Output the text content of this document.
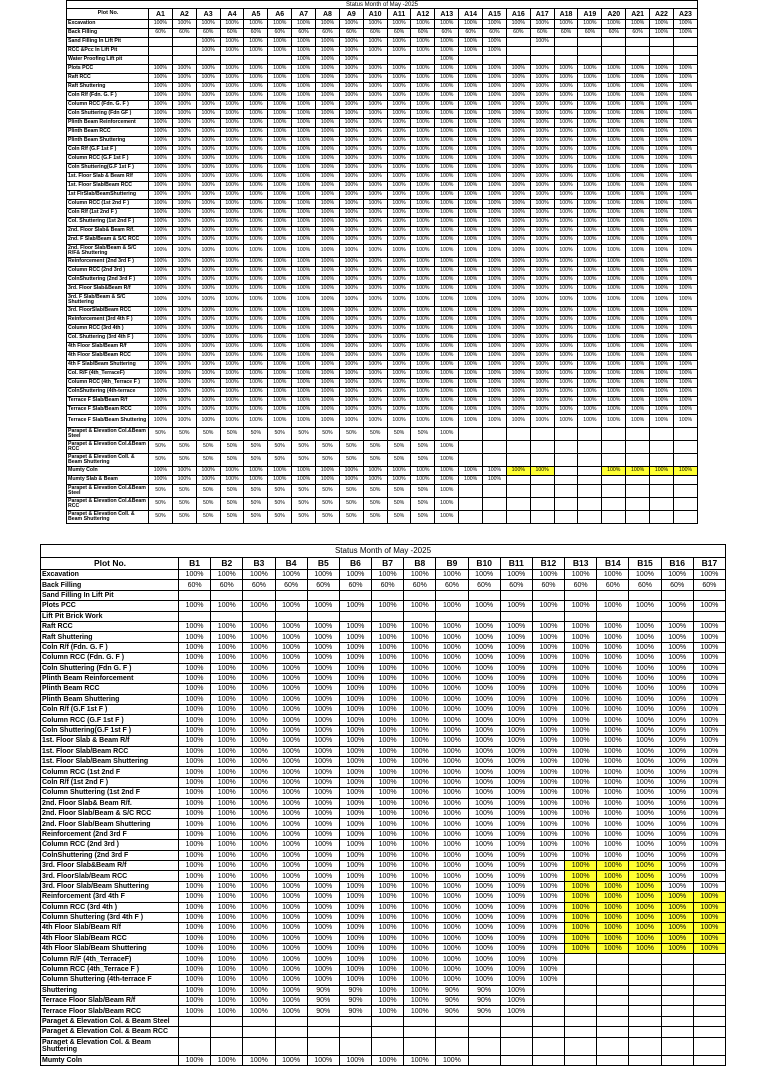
Status Month of May -2025																							
Plot No.	A1	A2	A3	A4	A5	A6	A7	A8	A9	A10	A11	A12	A13	A14	A15	A16	A17	A18	A19	A20	A21	A22	A23
Excavation	100%	100%	100%	100%	100%	100%	100%	100%	100%	100%	100%	100%	100%	100%	100%	100%	100%	100%	100%	100%	100%	100%	100%
Back Filling	60%	60%	60%	60%	60%	60%	60%	60%	60%	60%	60%	60%	60%	60%	60%	60%	60%	60%	60%	60%	60%	100%	100%
Sand Filling In Lift Pit			100%	100%	100%	100%	100%	100%	100%	100%	100%	100%	100%	100%	100%		100%						
RCC &Pcc In Lift Pit			100%	100%	100%	100%	100%	100%	100%	100%	100%	100%	100%	100%	100%								
Water Proofing Lift pit							100%	100%	100%				100%										
Plots PCC	100%	100%	100%	100%	100%	100%	100%	100%	100%	100%	100%	100%	100%	100%	100%	100%	100%	100%	100%	100%	100%	100%	100%
Raft RCC	100%	100%	100%	100%	100%	100%	100%	100%	100%	100%	100%	100%	100%	100%	100%	100%	100%	100%	100%	100%	100%	100%	100%
Raft Shuttering	100%	100%	100%	100%	100%	100%	100%	100%	100%	100%	100%	100%	100%	100%	100%	100%	100%	100%	100%	100%	100%	100%	100%
Coln R/f (Fdn. G. F )	100%	100%	100%	100%	100%	100%	100%	100%	100%	100%	100%	100%	100%	100%	100%	100%	100%	100%	100%	100%	100%	100%	100%
Column RCC (Fdn. G. F )	100%	100%	100%	100%	100%	100%	100%	100%	100%	100%	100%	100%	100%	100%	100%	100%	100%	100%	100%	100%	100%	100%	100%
Coln Shuttering (Fdn GF )	100%	100%	100%	100%	100%	100%	100%	100%	100%	100%	100%	100%	100%	100%	100%	100%	100%	100%	100%	100%	100%	100%	100%
Plinth Beam Reinforcement	100%	100%	100%	100%	100%	100%	100%	100%	100%	100%	100%	100%	100%	100%	100%	100%	100%	100%	100%	100%	100%	100%	100%
Plinth Beam RCC	100%	100%	100%	100%	100%	100%	100%	100%	100%	100%	100%	100%	100%	100%	100%	100%	100%	100%	100%	100%	100%	100%	100%
Plinth Beam Shuttering	100%	100%	100%	100%	100%	100%	100%	100%	100%	100%	100%	100%	100%	100%	100%	100%	100%	100%	100%	100%	100%	100%	100%
Coln R/f (G.F 1st F )	100%	100%	100%	100%	100%	100%	100%	100%	100%	100%	100%	100%	100%	100%	100%	100%	100%	100%	100%	100%	100%	100%	100%
Column RCC (G.F 1st F )	100%	100%	100%	100%	100%	100%	100%	100%	100%	100%	100%	100%	100%	100%	100%	100%	100%	100%	100%	100%	100%	100%	100%
Coln Shuttering(G.F 1st F )	100%	100%	100%	100%	100%	100%	100%	100%	100%	100%	100%	100%	100%	100%	100%	100%	100%	100%	100%	100%	100%	100%	100%
1st. Floor Slab & Beam R/f	100%	100%	100%	100%	100%	100%	100%	100%	100%	100%	100%	100%	100%	100%	100%	100%	100%	100%	100%	100%	100%	100%	100%
1st. Floor Slab/Beam RCC	100%	100%	100%	100%	100%	100%	100%	100%	100%	100%	100%	100%	100%	100%	100%	100%	100%	100%	100%	100%	100%	100%	100%
1st FlrSlab/BeamShuttering	100%	100%	100%	100%	100%	100%	100%	100%	100%	100%	100%	100%	100%	100%	100%	100%	100%	100%	100%	100%	100%	100%	100%
Column RCC (1st 2nd F )	100%	100%	100%	100%	100%	100%	100%	100%	100%	100%	100%	100%	100%	100%	100%	100%	100%	100%	100%	100%	100%	100%	100%
Coln R/f (1st 2nd F )	100%	100%	100%	100%	100%	100%	100%	100%	100%	100%	100%	100%	100%	100%	100%	100%	100%	100%	100%	100%	100%	100%	100%
Col. Shuttering (1st 2nd F )	100%	100%	100%	100%	100%	100%	100%	100%	100%	100%	100%	100%	100%	100%	100%	100%	100%	100%	100%	100%	100%	100%	100%
2nd. Floor Slab& Beam R/f.	100%	100%	100%	100%	100%	100%	100%	100%	100%	100%	100%	100%	100%	100%	100%	100%	100%	100%	100%	100%	100%	100%	100%
2nd. F Slab/Beam & S/C RCC	100%	100%	100%	100%	100%	100%	100%	100%	100%	100%	100%	100%	100%	100%	100%	100%	100%	100%	100%	100%	100%	100%	100%
2nd. Floor Slab/Beam & S/C R/F& Shuttering	100%	100%	100%	100%	100%	100%	100%	100%	100%	100%	100%	100%	100%	100%	100%	100%	100%	100%	100%	100%	100%	100%	100%
Reinforcement (2nd 3rd F )	100%	100%	100%	100%	100%	100%	100%	100%	100%	100%	100%	100%	100%	100%	100%	100%	100%	100%	100%	100%	100%	100%	100%
Column RCC (2nd 3rd )	100%	100%	100%	100%	100%	100%	100%	100%	100%	100%	100%	100%	100%	100%	100%	100%	100%	100%	100%	100%	100%	100%	100%
ColnShuttering (2nd 3rd F )	100%	100%	100%	100%	100%	100%	100%	100%	100%	100%	100%	100%	100%	100%	100%	100%	100%	100%	100%	100%	100%	100%	100%
3rd. Floor Slab&Beam R/f	100%	100%	100%	100%	100%	100%	100%	100%	100%	100%	100%	100%	100%	100%	100%	100%	100%	100%	100%	100%	100%	100%	100%
3rd. F Slab/Beam & S/C Shuttering	100%	100%	100%	100%	100%	100%	100%	100%	100%	100%	100%	100%	100%	100%	100%	100%	100%	100%	100%	100%	100%	100%	100%
3rd. FloorSlab/Beam RCC	100%	100%	100%	100%	100%	100%	100%	100%	100%	100%	100%	100%	100%	100%	100%	100%	100%	100%	100%	100%	100%	100%	100%
Reinforcement (3rd 4th F )	100%	100%	100%	100%	100%	100%	100%	100%	100%	100%	100%	100%	100%	100%	100%	100%	100%	100%	100%	100%	100%	100%	100%
Column RCC (3rd 4th )	100%	100%	100%	100%	100%	100%	100%	100%	100%	100%	100%	100%	100%	100%	100%	100%	100%	100%	100%	100%	100%	100%	100%
Col. Shuttering (3rd 4th F )	100%	100%	100%	100%	100%	100%	100%	100%	100%	100%	100%	100%	100%	100%	100%	100%	100%	100%	100%	100%	100%	100%	100%
4th Floor Slab/Beam R/f	100%	100%	100%	100%	100%	100%	100%	100%	100%	100%	100%	100%	100%	100%	100%	100%	100%	100%	100%	100%	100%	100%	100%
4th Floor Slab/Beam RCC	100%	100%	100%	100%	100%	100%	100%	100%	100%	100%	100%	100%	100%	100%	100%	100%	100%	100%	100%	100%	100%	100%	100%
4th F Slab/Beam Shuttering	100%	100%	100%	100%	100%	100%	100%	100%	100%	100%	100%	100%	100%	100%	100%	100%	100%	100%	100%	100%	100%	100%	100%
Col. R/F (4th_TerraceF)	100%	100%	100%	100%	100%	100%	100%	100%	100%	100%	100%	100%	100%	100%	100%	100%	100%	100%	100%	100%	100%	100%	100%
Column RCC (4th_Terrace F )	100%	100%	100%	100%	100%	100%	100%	100%	100%	100%	100%	100%	100%	100%	100%	100%	100%	100%	100%	100%	100%	100%	100%
ColnShuttering (4th-terrace	100%	100%	100%	100%	100%	100%	100%	100%	100%	100%	100%	100%	100%	100%	100%	100%	100%	100%	100%	100%	100%	100%	100%
Terrace F Slab/Beam R/f	100%	100%	100%	100%	100%	100%	100%	100%	100%	100%	100%	100%	100%	100%	100%	100%	100%	100%	100%	100%	100%	100%	100%
Terrace F Slab/Beam RCC	100%	100%	100%	100%	100%	100%	100%	100%	100%	100%	100%	100%	100%	100%	100%	100%	100%	100%	100%	100%	100%	100%	100%
Terrace F Slab/Beam Shuttering	100%	100%	100%	100%	100%	100%	100%	100%	100%	100%	100%	100%	100%	100%	100%	100%	100%	100%	100%	100%	100%	100%	100%
Parapet & Elevation Col.&Beam Steel	50%	50%	50%	50%	50%	50%	50%	50%	50%	50%	50%	50%	100%										
Parapet & Elevation Col.&Beam RCC	50%	50%	50%	50%	50%	50%	50%	50%	50%	50%	50%	50%	100%										
Parapet & Elevation Coll. & Beam Shuttering	50%	50%	50%	50%	50%	50%	50%	50%	50%	50%	50%	50%	100%										
Mumty Coln	100%	100%	100%	100%	100%	100%	100%	100%	100%	100%	100%	100%	100%	100%	100%	100%	100%			100%	100%	100%	100%
Mumty Slab & Beam	100%	100%	100%	100%	100%	100%	100%	100%	100%	100%	100%	100%	100%	100%	100%								
Parapet & Elevation Col.&Beam Steel	50%	50%	50%	50%	50%	50%	50%	50%	50%	50%	50%	50%	100%										
Parapet & Elevation Col.&Beam RCC	50%	50%	50%	50%	50%	50%	50%	50%	50%	50%	50%	50%	100%										
Parapet & Elevation Coll. & Beam Shuttering	50%	50%	50%	50%	50%	50%	50%	50%	50%	50%	50%	50%	100%										
Status Month of May -2025																	
Plot No.	B1	B2	B3	B4	B5	B6	B7	B8	B9	B10	B11	B12	B13	B14	B15	B16	B17
Excavation	100%	100%	100%	100%	100%	100%	100%	100%	100%	100%	100%	100%	100%	100%	100%	100%	100%
Back Filling	60%	60%	60%	60%	60%	60%	60%	60%	60%	60%	60%	60%	60%	60%	60%	60%	60%
Sand Filling In Lift Pit																	
Plots PCC	100%	100%	100%	100%	100%	100%	100%	100%	100%	100%	100%	100%	100%	100%	100%	100%	100%
Lift Pit Brick Work																	
Raft RCC	100%	100%	100%	100%	100%	100%	100%	100%	100%	100%	100%	100%	100%	100%	100%	100%	100%
Raft Shuttering	100%	100%	100%	100%	100%	100%	100%	100%	100%	100%	100%	100%	100%	100%	100%	100%	100%
Coln R/f (Fdn. G. F )	100%	100%	100%	100%	100%	100%	100%	100%	100%	100%	100%	100%	100%	100%	100%	100%	100%
Column RCC (Fdn. G. F )	100%	100%	100%	100%	100%	100%	100%	100%	100%	100%	100%	100%	100%	100%	100%	100%	100%
Coln Shuttering (Fdn G. F )	100%	100%	100%	100%	100%	100%	100%	100%	100%	100%	100%	100%	100%	100%	100%	100%	100%
Plinth Beam Reinforcement	100%	100%	100%	100%	100%	100%	100%	100%	100%	100%	100%	100%	100%	100%	100%	100%	100%
Plinth Beam RCC	100%	100%	100%	100%	100%	100%	100%	100%	100%	100%	100%	100%	100%	100%	100%	100%	100%
Plinth Beam Shuttering	100%	100%	100%	100%	100%	100%	100%	100%	100%	100%	100%	100%	100%	100%	100%	100%	100%
Coln R/f (G.F 1st F )	100%	100%	100%	100%	100%	100%	100%	100%	100%	100%	100%	100%	100%	100%	100%	100%	100%
Column RCC (G.F 1st F )	100%	100%	100%	100%	100%	100%	100%	100%	100%	100%	100%	100%	100%	100%	100%	100%	100%
Coln Shuttering(G.F 1st F )	100%	100%	100%	100%	100%	100%	100%	100%	100%	100%	100%	100%	100%	100%	100%	100%	100%
1st. Floor Slab & Beam R/f	100%	100%	100%	100%	100%	100%	100%	100%	100%	100%	100%	100%	100%	100%	100%	100%	100%
1st. Floor Slab/Beam RCC	100%	100%	100%	100%	100%	100%	100%	100%	100%	100%	100%	100%	100%	100%	100%	100%	100%
1st. Floor Slab/Beam Shuttering	100%	100%	100%	100%	100%	100%	100%	100%	100%	100%	100%	100%	100%	100%	100%	100%	100%
Column RCC (1st 2nd F	100%	100%	100%	100%	100%	100%	100%	100%	100%	100%	100%	100%	100%	100%	100%	100%	100%
Coln R/f (1st 2nd F )	100%	100%	100%	100%	100%	100%	100%	100%	100%	100%	100%	100%	100%	100%	100%	100%	100%
Column Shuttering (1st 2nd F	100%	100%	100%	100%	100%	100%	100%	100%	100%	100%	100%	100%	100%	100%	100%	100%	100%
2nd. Floor Slab& Beam R/f.	100%	100%	100%	100%	100%	100%	100%	100%	100%	100%	100%	100%	100%	100%	100%	100%	100%
2nd. Floor Slab/Beam & S/C RCC	100%	100%	100%	100%	100%	100%	100%	100%	100%	100%	100%	100%	100%	100%	100%	100%	100%
2nd. Floor Slab/Beam Shuttering	100%	100%	100%	100%	100%	100%	100%	100%	100%	100%	100%	100%	100%	100%	100%	100%	100%
Reinforcement (2nd 3rd F	100%	100%	100%	100%	100%	100%	100%	100%	100%	100%	100%	100%	100%	100%	100%	100%	100%
Column RCC (2nd 3rd )	100%	100%	100%	100%	100%	100%	100%	100%	100%	100%	100%	100%	100%	100%	100%	100%	100%
ColnShuttering (2nd 3rd F	100%	100%	100%	100%	100%	100%	100%	100%	100%	100%	100%	100%	100%	100%	100%	100%	100%
3rd. Floor Slab&Beam R/f	100%	100%	100%	100%	100%	100%	100%	100%	100%	100%	100%	100%	100%	100%	100%	100%	100%
3rd. FloorSlab/Beam RCC	100%	100%	100%	100%	100%	100%	100%	100%	100%	100%	100%	100%	100%	100%	100%	100%	100%
3rd. Floor Slab/Beam Shuttering	100%	100%	100%	100%	100%	100%	100%	100%	100%	100%	100%	100%	100%	100%	100%	100%	100%
Reinforcement (3rd 4th F	100%	100%	100%	100%	100%	100%	100%	100%	100%	100%	100%	100%	100%	100%	100%	100%	100%
Column RCC (3rd 4th )	100%	100%	100%	100%	100%	100%	100%	100%	100%	100%	100%	100%	100%	100%	100%	100%	100%
Column Shuttering (3rd 4th F )	100%	100%	100%	100%	100%	100%	100%	100%	100%	100%	100%	100%	100%	100%	100%	100%	100%
4th Floor Slab/Beam R/f	100%	100%	100%	100%	100%	100%	100%	100%	100%	100%	100%	100%	100%	100%	100%	100%	100%
4th Floor Slab/Beam RCC	100%	100%	100%	100%	100%	100%	100%	100%	100%	100%	100%	100%	100%	100%	100%	100%	100%
4th Floor Slab/Beam Shuttering	100%	100%	100%	100%	100%	100%	100%	100%	100%	100%	100%	100%	100%	100%	100%	100%	100%
Column R/F (4th_TerraceF)	100%	100%	100%	100%	100%	100%	100%	100%	100%	100%	100%	100%					
Column RCC (4th_Terrace F )	100%	100%	100%	100%	100%	100%	100%	100%	100%	100%	100%	100%					
Column Shuttering (4th-terrace F	100%	100%	100%	100%	100%	100%	100%	100%	100%	100%	100%	100%					
Shuttering	100%	100%	100%	100%	90%	90%	100%	100%	90%	90%	100%						
Terrace Floor Slab/Beam R/f	100%	100%	100%	100%	90%	90%	100%	100%	90%	90%	100%						
Terrace Floor Slab/Beam RCC	100%	100%	100%	100%	90%	90%	100%	100%	90%	90%	100%						
Paraget & Elevation Col. & Beam Steel																	
Paraget & Elevation Col. & Beam RCC																	
Paraget & Elevation Col. & Beam Shuttering																	
Mumty Coln	100%	100%	100%	100%	100%	100%	100%	100%	100%								
